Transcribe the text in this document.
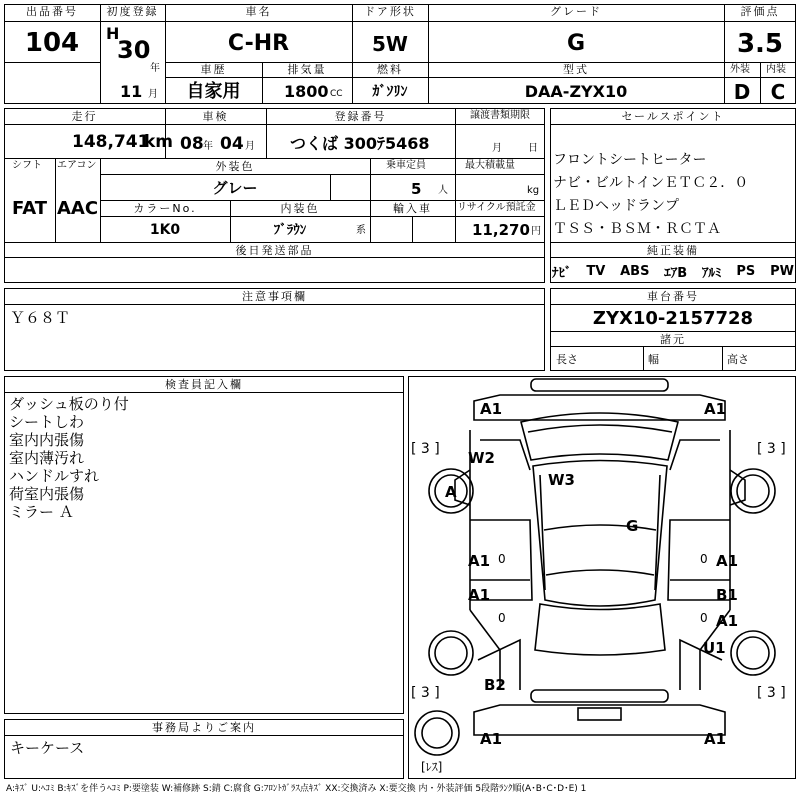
出品番号
104
初度登録
H
30
年
11 月
車名
C-HR
ドア形状
5W
グレード
G
評価点
3.5
車歴
自家用
排気量
1800 CC
燃料
ｶﾞｿﾘﾝ
型式
DAA-ZYX10
外装 内装
D	C
走行
148,741
km
車検
08 年 04 月
登録番号
つくば 300ﾃ5468
譲渡書類期限
月	日
シフト エアコン
FAT AAC
外装色
グレー
乗車定員
5 人
最大積載量
kg
カラーNo.
1K0
内装色
ﾌﾞﾗｳﾝ	系
輸入車	リサイクル預託金
11,270 円
後日発送部品
セールスポイント
フロントシートヒーター
ナビ・ビルトインＥＴＣ２．０
ＬＥＤヘッドランプ
ＴＳＳ・ＢＳＭ・ＲＣＴＡ
純正装備
ﾅﾋﾞ TV ABS ｴｱB ｱﾙﾐ PS PW
注意事項欄
Ｙ６８Ｔ
車台番号
ZYX10-2157728
諸元
長さ	幅	高さ
検査員記入欄
ダッシュ板のり付
シートしわ
室内内張傷
室内薄汚れ
ハンドルすれ
荷室内張傷
ミラー Ａ
事務局よりご案内
キーケース
A1	A1
W2
W3
A
G
A1 0	A1
0
A1
0
B1
A1
0
U1
B2
A1	A1
[ 3 ]	[ 3 ]
[ 3 ]	[ 3 ]
[ﾚｽ]
A:ｷｽﾞ U:ﾍｺﾐ B:ｷｽﾞを伴うﾍｺﾐ P:要塗装 W:補修跡 S:錆 C:腐食 G:ﾌﾛﾝﾄｶﾞﾗｽ点ｷｽﾞ XX:交換済み X:要交換 内・外装評価 5段階ﾗﾝｸ順(A･B･C･D･E) 1
